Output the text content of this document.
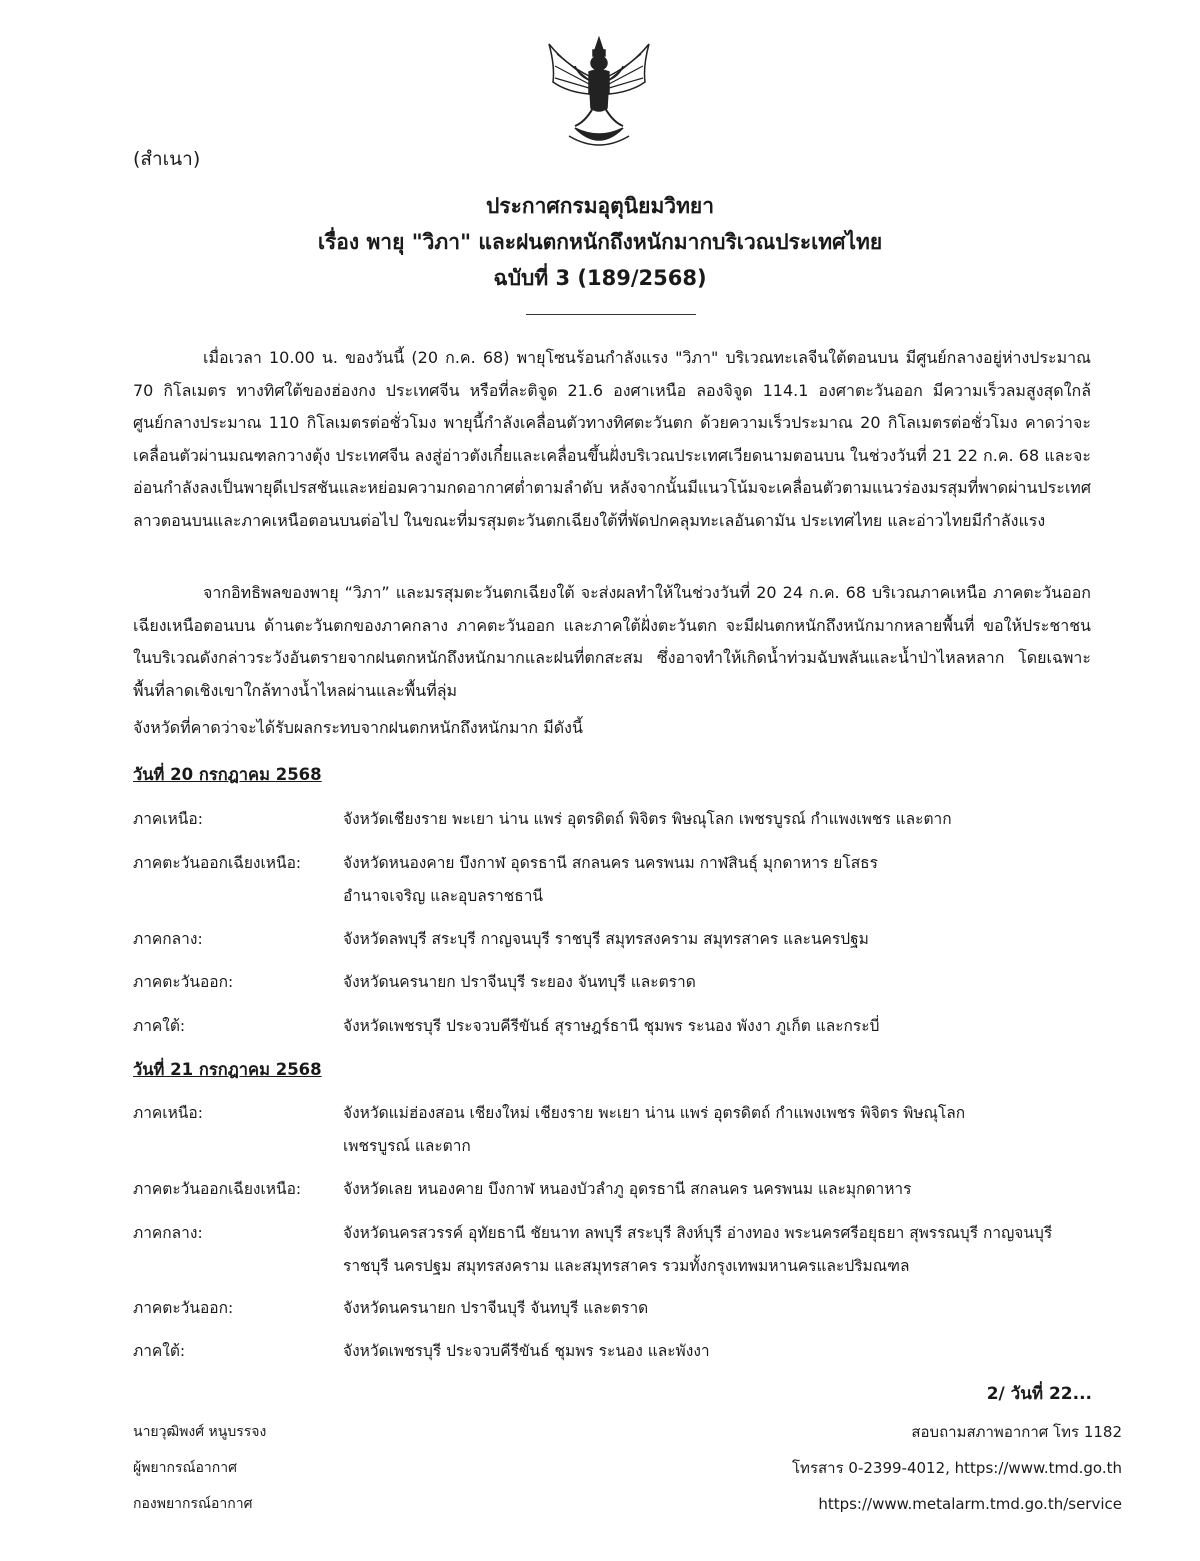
(สำเนา)
ประกาศกรมอุตุนิยมวิทยา
เรื่อง พายุ "วิภา" และฝนตกหนักถึงหนักมากบริเวณประเทศไทย
ฉบับที่ 3 (189/2568)

เมื่อเวลา 10.00 น. ของวันนี้ (20 ก.ค. 68) พายุโซนร้อนกำลังแรง "วิภา" บริเวณทะเลจีนใต้ตอนบน มีศูนย์กลางอยู่ห่างประมาณ 70 กิโลเมตร ทางทิศใต้ของฮ่องกง ประเทศจีน หรือที่ละติจูด 21.6 องศาเหนือ ลองจิจูด 114.1 องศาตะวันออก มีความเร็วลมสูงสุดใกล้ศูนย์กลางประมาณ 110 กิโลเมตรต่อชั่วโมง พายุนี้กำลังเคลื่อนตัวทางทิศตะวันตก ด้วยความเร็วประมาณ 20 กิโลเมตรต่อชั่วโมง คาดว่าจะเคลื่อนตัวผ่านมณฑลกวางตุ้ง ประเทศจีน ลงสู่อ่าวตังเกี๋ยและเคลื่อนขึ้นฝั่งบริเวณประเทศเวียดนามตอนบน ในช่วงวันที่ 21 22 ก.ค. 68 และจะอ่อนกำลังลงเป็นพายุดีเปรสชันและหย่อมความกดอากาศต่ำตามลำดับ หลังจากนั้นมีแนวโน้มจะเคลื่อนตัวตามแนวร่องมรสุมที่พาดผ่านประเทศลาวตอนบนและภาคเหนือตอนบนต่อไป ในขณะที่มรสุมตะวันตกเฉียงใต้ที่พัดปกคลุมทะเลอันดามัน ประเทศไทย และอ่าวไทยมีกำลังแรง

จากอิทธิพลของพายุ “วิภา” และมรสุมตะวันตกเฉียงใต้ จะส่งผลทำให้ในช่วงวันที่ 20 24 ก.ค. 68 บริเวณภาคเหนือ ภาคตะวันออกเฉียงเหนือตอนบน ด้านตะวันตกของภาคกลาง ภาคตะวันออก และภาคใต้ฝั่งตะวันตก จะมีฝนตกหนักถึงหนักมากหลายพื้นที่ ขอให้ประชาชนในบริเวณดังกล่าวระวังอันตรายจากฝนตกหนักถึงหนักมากและฝนที่ตกสะสม ซึ่งอาจทำให้เกิดน้ำท่วมฉับพลันและน้ำป่าไหลหลาก โดยเฉพาะพื้นที่ลาดเชิงเขาใกล้ทางน้ำไหลผ่านและพื้นที่ลุ่ม

จังหวัดที่คาดว่าจะได้รับผลกระทบจากฝนตกหนักถึงหนักมาก มีดังนี้
วันที่ 20 กรกฎาคม 2568
ภาคเหนือ:	จังหวัดเชียงราย พะเยา น่าน แพร่ อุตรดิตถ์ พิจิตร พิษณุโลก เพชรบูรณ์ กำแพงเพชร และตาก
ภาคตะวันออกเฉียงเหนือ:	จังหวัดหนองคาย บึงกาฬ อุดรธานี สกลนคร นครพนม กาฬสินธุ์ มุกดาหาร ยโสธร อำนาจเจริญ และอุบลราชธานี
ภาคกลาง:	จังหวัดลพบุรี สระบุรี กาญจนบุรี ราชบุรี สมุทรสงคราม สมุทรสาคร และนครปฐม
ภาคตะวันออก:	จังหวัดนครนายก ปราจีนบุรี ระยอง จันทบุรี และตราด
ภาคใต้:	จังหวัดเพชรบุรี ประจวบคีรีขันธ์ สุราษฎร์ธานี ชุมพร ระนอง พังงา ภูเก็ต และกระบี่
วันที่ 21 กรกฎาคม 2568
ภาคเหนือ:	จังหวัดแม่ฮ่องสอน เชียงใหม่ เชียงราย พะเยา น่าน แพร่ อุตรดิตถ์ กำแพงเพชร พิจิตร พิษณุโลก เพชรบูรณ์ และตาก
ภาคตะวันออกเฉียงเหนือ:	จังหวัดเลย หนองคาย บึงกาฬ หนองบัวลำภู อุดรธานี สกลนคร นครพนม และมุกดาหาร
ภาคกลาง:	จังหวัดนครสวรรค์ อุทัยธานี ชัยนาท ลพบุรี สระบุรี สิงห์บุรี อ่างทอง พระนครศรีอยุธยา สุพรรณบุรี กาญจนบุรี ราชบุรี นครปฐม สมุทรสงคราม และสมุทรสาคร รวมทั้งกรุงเทพมหานครและปริมณฑล
ภาคตะวันออก:	จังหวัดนครนายก ปราจีนบุรี จันทบุรี และตราด
ภาคใต้:	จังหวัดเพชรบุรี ประจวบคีรีขันธ์ ชุมพร ระนอง และพังงา
2/ วันที่ 22...
นายวุฒิพงศ์ หนูบรรจง
ผู้พยากรณ์อากาศ
กองพยากรณ์อากาศ
สอบถามสภาพอากาศ โทร 1182
โทรสาร 0-2399-4012, https://www.tmd.go.th
https://www.metalarm.tmd.go.th/service
